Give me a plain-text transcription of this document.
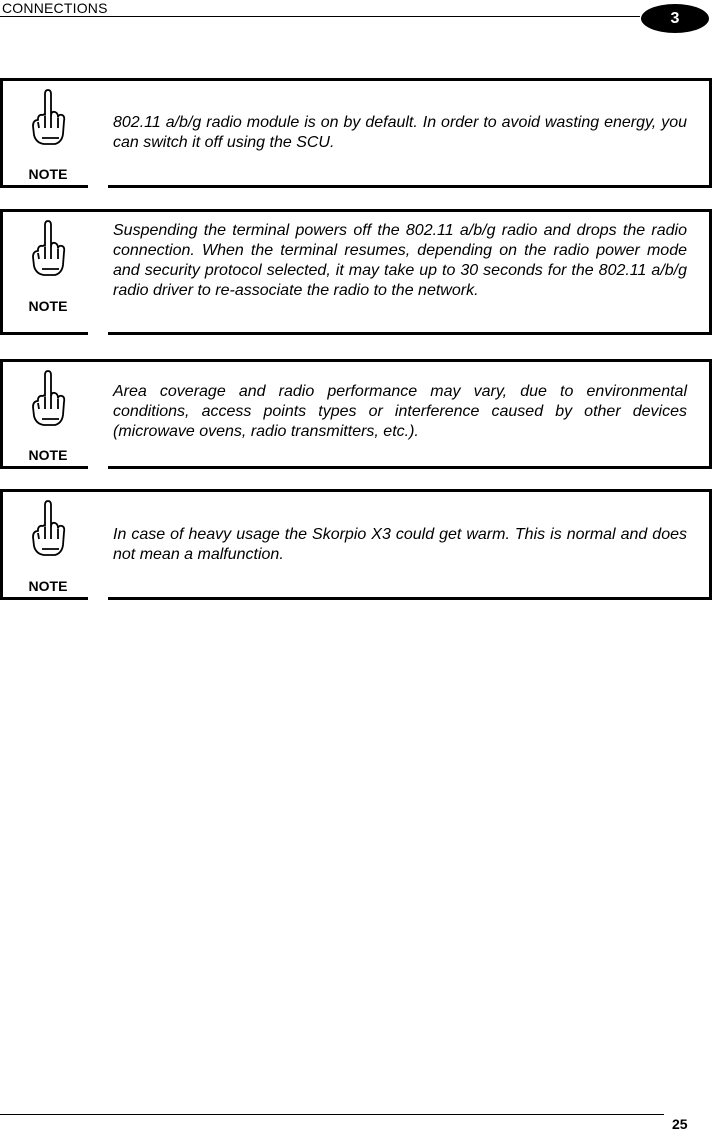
CONNECTIONS
3
NOTE
802.11 a/b/g radio module is on by default. In order to avoid wasting energy, you can switch it off using the SCU.
NOTE
Suspending the terminal powers off the 802.11 a/b/g radio and drops the radio connection. When the terminal resumes, depending on the radio power mode and security protocol selected, it may take up to 30 seconds for the 802.11 a/b/g radio driver to re-associate the radio to the network.
NOTE
Area coverage and radio performance may vary, due to environmental conditions, access points types or interference caused by other devices (microwave ovens, radio transmitters, etc.).
NOTE
In case of heavy usage the Skorpio X3 could get warm. This is normal and does not mean a malfunction.
25
